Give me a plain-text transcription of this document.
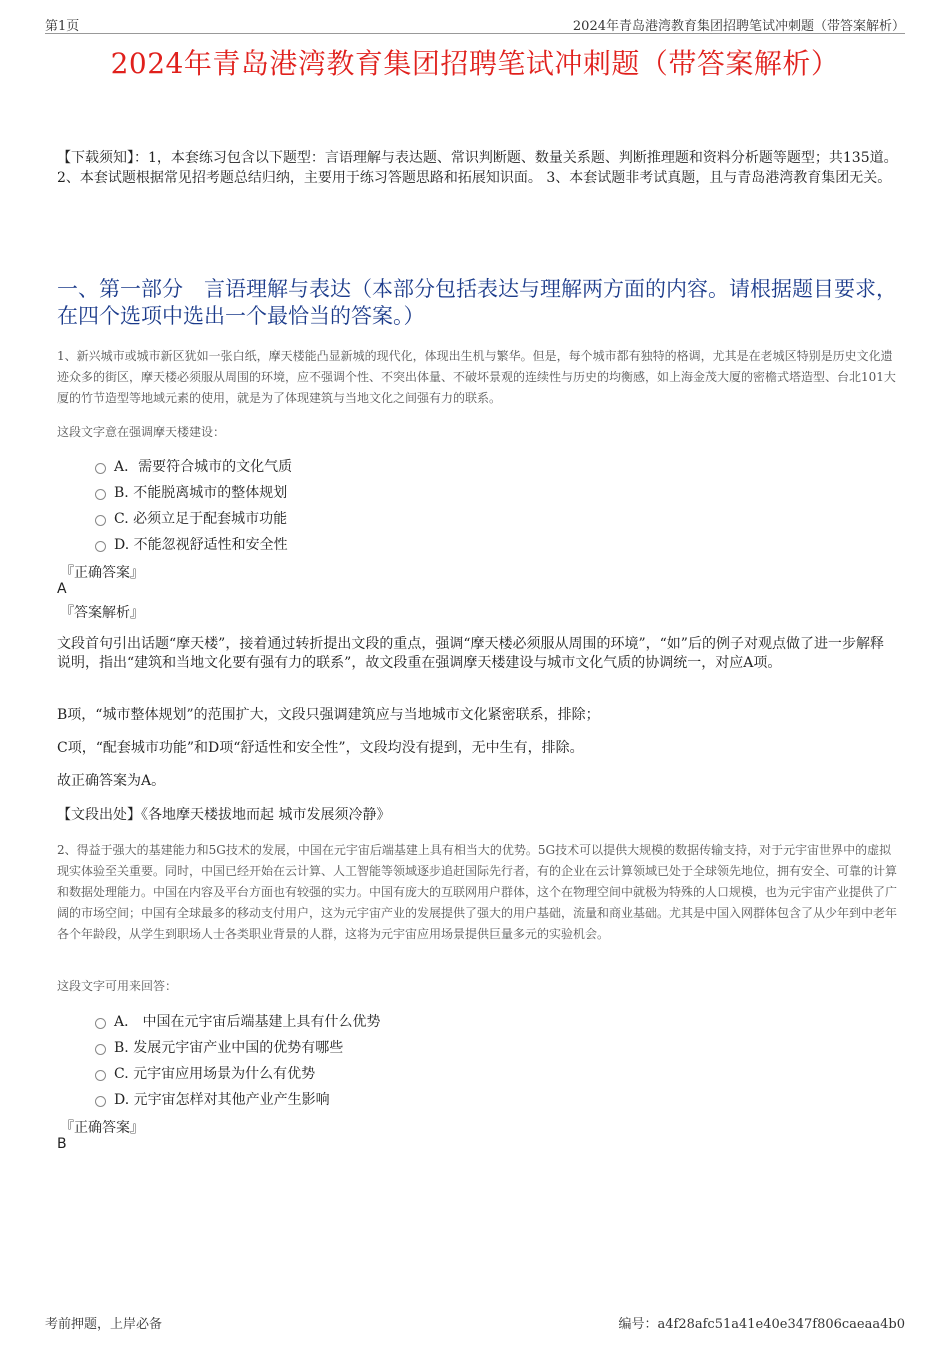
第1页	2024年青岛港湾教育集团招聘笔试冲刺题（带答案解析）
2024年青岛港湾教育集团招聘笔试冲刺题（带答案解析）
【下载须知】：1，本套练习包含以下题型：言语理解与表达题、常识判断题、数量关系题、判断推理题和资料分析题等题型；共135道。 2、本套试题根据常见招考题总结归纳，主要用于练习答题思路和拓展知识面。 3、本套试题非考试真题，且与青岛港湾教育集团无关。
一、第一部分　言语理解与表达（本部分包括表达与理解两方面的内容。请根据题目要求，在四个选项中选出一个最恰当的答案。）
1、新兴城市或城市新区犹如一张白纸，摩天楼能凸显新城的现代化，体现出生机与繁华。但是，每个城市都有独特的格调，尤其是在老城区特别是历史文化遗迹众多的街区，摩天楼必须服从周围的环境，应不强调个性、不突出体量、不破坏景观的连续性与历史的均衡感，如上海金茂大厦的密檐式塔造型、台北101大厦的竹节造型等地域元素的使用，就是为了体现建筑与当地文化之间强有力的联系。
这段文字意在强调摩天楼建设：
A．需要符合城市的文化气质
B. 不能脱离城市的整体规划
C. 必须立足于配套城市功能
D. 不能忽视舒适性和安全性
『正确答案』
A
『答案解析』
文段首句引出话题“摩天楼”，接着通过转折提出文段的重点，强调“摩天楼必须服从周围的环境”，“如”后的例子对观点做了进一步解释说明，指出“建筑和当地文化要有强有力的联系”，故文段重在强调摩天楼建设与城市文化气质的协调统一，对应A项。
B项，“城市整体规划”的范围扩大，文段只强调建筑应与当地城市文化紧密联系，排除；
C项，“配套城市功能”和D项“舒适性和安全性”，文段均没有提到，无中生有，排除。
故正确答案为A。
【文段出处】《各地摩天楼拔地而起 城市发展须冷静》
2、得益于强大的基建能力和5G技术的发展，中国在元宇宙后端基建上具有相当大的优势。5G技术可以提供大规模的数据传输支持，对于元宇宙世界中的虚拟现实体验至关重要。同时，中国已经开始在云计算、人工智能等领域逐步追赶国际先行者，有的企业在云计算领域已处于全球领先地位，拥有安全、可靠的计算和数据处理能力。中国在内容及平台方面也有较强的实力。中国有庞大的互联网用户群体，这个在物理空间中就极为特殊的人口规模，也为元宇宙产业提供了广阔的市场空间；中国有全球最多的移动支付用户，这为元宇宙产业的发展提供了强大的用户基础，流量和商业基础。尤其是中国入网群体包含了从少年到中老年各个年龄段，从学生到职场人士各类职业背景的人群，这将为元宇宙应用场景提供巨量多元的实验机会。
这段文字可用来回答：
A． 中国在元宇宙后端基建上具有什么优势
B. 发展元宇宙产业中国的优势有哪些
C. 元宇宙应用场景为什么有优势
D. 元宇宙怎样对其他产业产生影响
『正确答案』
B
考前押题，上岸必备	编号：a4f28afc51a41e40e347f806caeaa4b0
